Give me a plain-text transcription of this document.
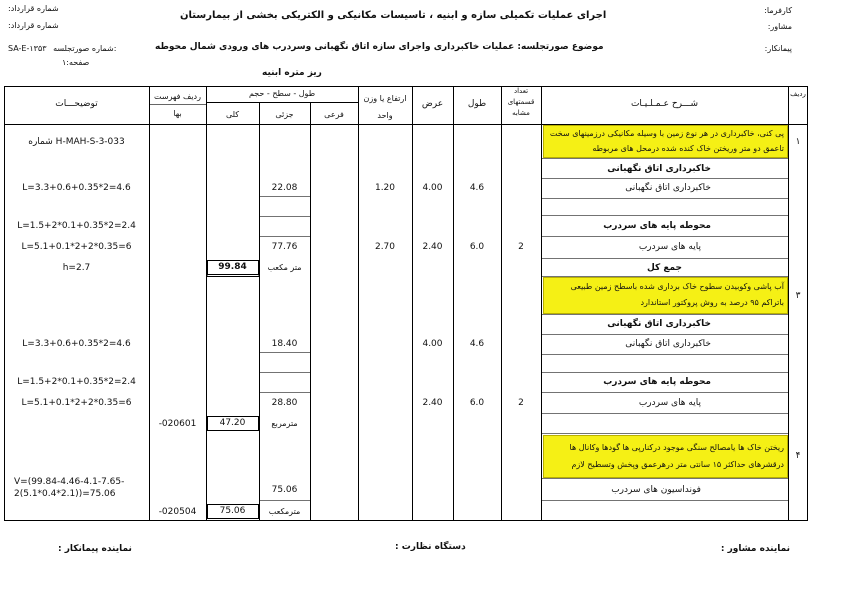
کارفرما:
مشاور:
پیمانکار:
شماره قرارداد:
شماره قرارداد:
اجرای عملیات تکمیلی سازه و ابنیه ، تاسیسات مکانیکی و الکتریکی بخشی از بیمارستان
موضوع صورتجلسه: عملیات خاکبرداری واجرای سازه اتاق نگهبانی وسردرب های ورودی شمال محوطه
SA-E-۱۳۵۳ شماره صورتجلسه:
صفحه:۱
ریز متره ابنیه
ردیف
شـــرح عـمـلـیـات
تعداد قسمتهای مشابه
طول
عرض
ارتفاع یا وزن واحد
طول - سطح - حجم
فرعی
جزئی
کلی
ردیف فهرست بها
توضیحـــات
۱
پی کنی، خاکبرداری در هر نوع زمین با وسیله مکانیکی درزمینهای سخت تاعمق دو متر وریختن خاک کنده شده درمحل های مربوطه
شماره H-MAH-S-3-033
خاکبرداری اتاق نگهبانی
خاکبرداری اتاق نگهبانی
4.6
4.00
1.20
22.08
L=3.3+0.6+0.35*2=4.6
محوطه پایه های سردرب
L=1.5+2*0.1+0.35*2=2.4
پایه های سردرب
2
6.0
2.40
2.70
77.76
L=5.1+0.1*2+2*0.35=6
جمع کل
متر مکعب
99.84
h=2.7
۳
آب پاشی وکوبیدن سطوح خاک برداری شده باسطح زمین طبیعی باتراکم ۹۵ درصد به روش پروکتور استاندارد
خاکبرداری اتاق نگهبانی
خاکبرداری اتاق نگهبانی
4.6
4.00
18.40
L=3.3+0.6+0.35*2=4.6
محوطه پایه های سردرب
L=1.5+2*0.1+0.35*2=2.4
پایه های سردرب
2
6.0
2.40
28.80
L=5.1+0.1*2+2*0.35=6
مترمربع
47.20
-020601
۴
ریختن خاک ها یامصالح سنگی موجود درکنارپی ها گودها وکانال ها درقشرهای حداکثر ۱۵ سانتی متر درهرعمق وپخش وتسطیح لازم
فونداسیون های سردرب
75.06
V=(99.84-4.46-4.1-7.65-2(5.1*0.4*2.1))=75.06
مترمکعب
75.06
-020504
نماینده مشاور :
دستگاه نظارت :
نماینده پیمانکار :
